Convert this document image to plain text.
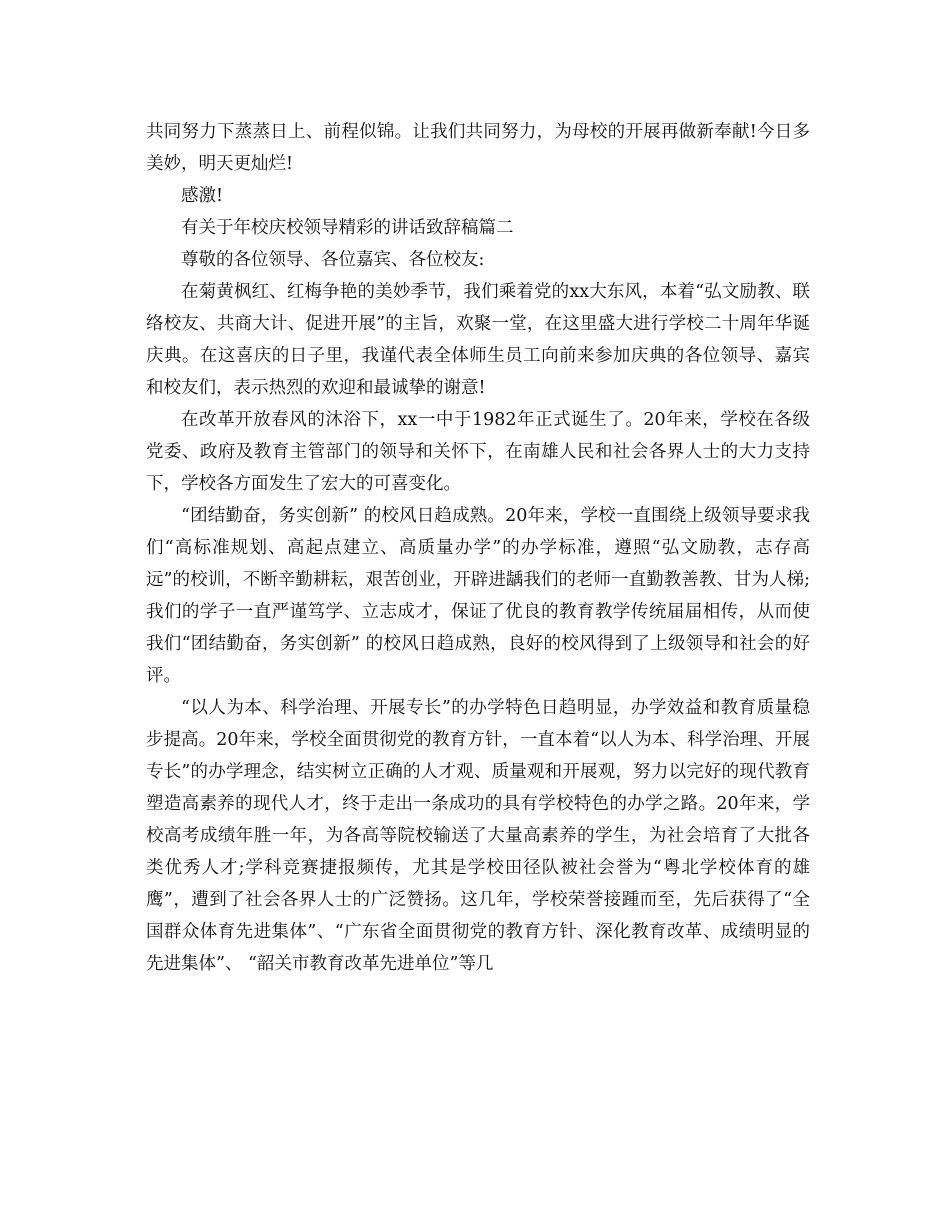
共同努力下蒸蒸日上、前程似锦。让我们共同努力，为母校的开展再做新奉献!今日多美妙，明天更灿烂!

感激!

有关于年校庆校领导精彩的讲话致辞稿篇二

尊敬的各位领导、各位嘉宾、各位校友:

在菊黄枫红、红梅争艳的美妙季节，我们乘着党的xx大东风，本着“弘文励教、联络校友、共商大计、促进开展”的主旨，欢聚一堂，在这里盛大进行学校二十周年华诞庆典。在这喜庆的日子里，我谨代表全体师生员工向前来参加庆典的各位领导、嘉宾和校友们，表示热烈的欢迎和最诚挚的谢意!

在改革开放春风的沐浴下，xx一中于1982年正式诞生了。20年来，学校在各级党委、政府及教育主管部门的领导和关怀下，在南雄人民和社会各界人士的大力支持下，学校各方面发生了宏大的可喜变化。

“团结勤奋，务实创新” 的校风日趋成熟。20年来，学校一直围绕上级领导要求我们“高标准规划、高起点建立、高质量办学”的办学标准，遵照“弘文励教，志存高远”的校训，不断辛勤耕耘，艰苦创业，开辟进龋我们的老师一直勤教善教、甘为人梯;我们的学子一直严谨笃学、立志成才，保证了优良的教育教学传统届届相传，从而使我们“团结勤奋，务实创新” 的校风日趋成熟，良好的校风得到了上级领导和社会的好评。

“以人为本、科学治理、开展专长”的办学特色日趋明显，办学效益和教育质量稳步提高。20年来，学校全面贯彻党的教育方针，一直本着“以人为本、科学治理、开展专长”的办学理念，结实树立正确的人才观、质量观和开展观，努力以完好的现代教育塑造高素养的现代人才，终于走出一条成功的具有学校特色的办学之路。20年来，学校高考成绩年胜一年，为各高等院校输送了大量高素养的学生，为社会培育了大批各类优秀人才;学科竞赛捷报频传，尤其是学校田径队被社会誉为“粤北学校体育的雄鹰”，遭到了社会各界人士的广泛赞扬。这几年，学校荣誉接踵而至，先后获得了“全国群众体育先进集体”、“广东省全面贯彻党的教育方针、深化教育改革、成绩明显的先进集体”、 “韶关市教育改革先进单位”等几
